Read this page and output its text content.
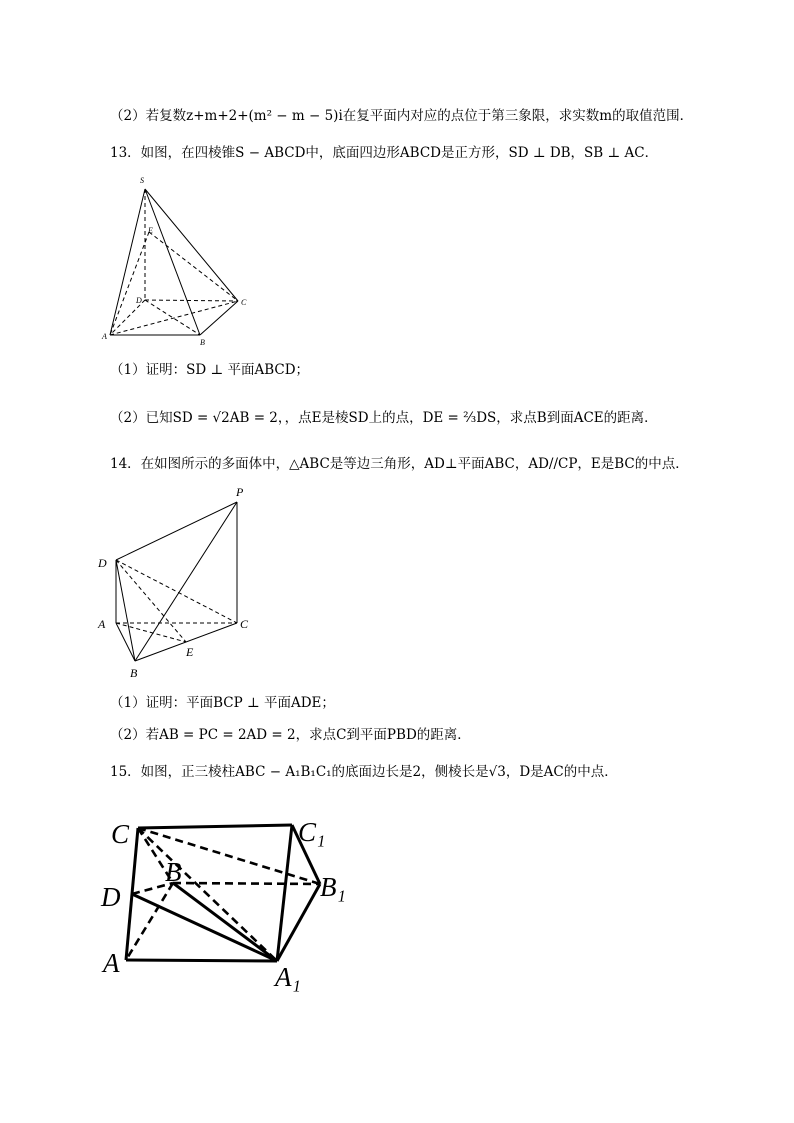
（2）若复数z+m+2+(m² − m − 5)i在复平面内对应的点位于第三象限，求实数m的取值范围．
13．如图，在四棱锥S − ABCD中，底面四边形ABCD是正方形，SD ⊥ DB，SB ⊥ AC．
S
E
D	C
A
B
（1）证明：SD ⊥ 平面ABCD；
（2）已知SD = √2AB = 2，，点E是棱SD上的点，DE = ⅔DS，求点B到面ACE的距离．
14．在如图所示的多面体中，△ABC是等边三角形，AD⊥平面ABC，AD//CP，E是BC的中点．
P
D
A	C
E
B
（1）证明：平面BCP ⊥ 平面ADE；
（2）若AB = PC = 2AD = 2，求点C到平面PBD的距离．
15．如图，正三棱柱ABC − A₁B₁C₁的底面边长是2，侧棱长是√3，D是AC的中点．
C	C₁
B	B₁
D
A	A₁
